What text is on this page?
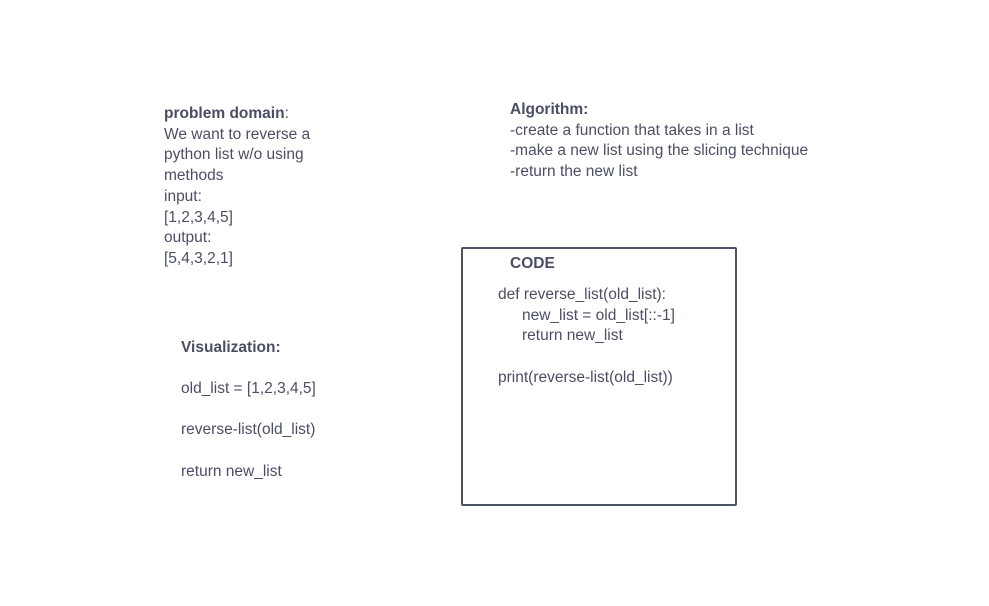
problem domain:
We want to reverse a
python list w/o using
methods
input:
[1,2,3,4,5]
output:
[5,4,3,2,1]
Algorithm:
-create a function that takes in a list
-make a new list using the slicing technique
-return the new list
CODE
def reverse_list(old_list):
new_list = old_list[::-1]
return new_list
print(reverse-list(old_list))
Visualization:
old_list = [1,2,3,4,5]
reverse-list(old_list)
return new_list
